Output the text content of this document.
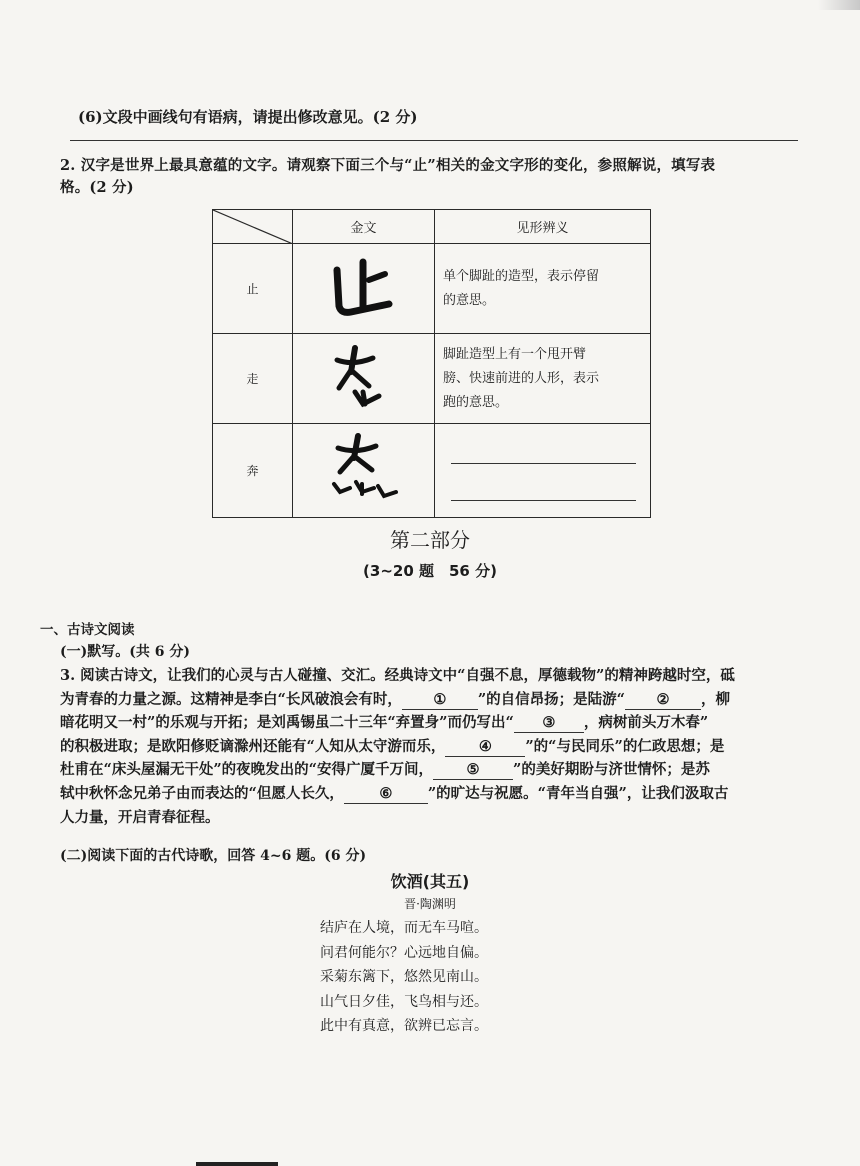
(6)文段中画线句有语病，请提出修改意见。(2 分)
2. 汉字是世界上最具意蕴的文字。请观察下面三个与“止”相关的金文字形的变化，参照解说，填写表
格。(2 分)
	金文	见形辨义
止		单个脚趾的造型，表示停留
的意思。

走		脚趾造型上有一个甩开臂
膀、快速前进的人形，表示
跑的意思。

奔		
第二部分
(3~20 题　56 分)
一、古诗文阅读
(一)默写。(共 6 分)
3. 阅读古诗文，让我们的心灵与古人碰撞、交汇。经典诗文中“自强不息，厚德载物”的精神跨越时空，砥
为青春的力量之源。这精神是李白“长风破浪会有时， ① ”的自信昂扬；是陆游“ ② ，柳
暗花明又一村”的乐观与开拓；是刘禹锡虽二十三年“弃置身”而仍写出“ ③ ，病树前头万木春”
的积极进取；是欧阳修贬谪滁州还能有“人知从太守游而乐， ④ ”的“与民同乐”的仁政思想；是
杜甫在“床头屋漏无干处”的夜晚发出的“安得广厦千万间， ⑤ ”的美好期盼与济世情怀；是苏
轼中秋怀念兄弟子由而表达的“但愿人长久， ⑥ ”的旷达与祝愿。“青年当自强”，让我们汲取古
人力量，开启青春征程。
(二)阅读下面的古代诗歌，回答 4~6 题。(6 分)
饮酒(其五)
晋·陶渊明
结庐在人境，而无车马喧。
问君何能尔？心远地自偏。
采菊东篱下，悠然见南山。
山气日夕佳，飞鸟相与还。
此中有真意，欲辨已忘言。
